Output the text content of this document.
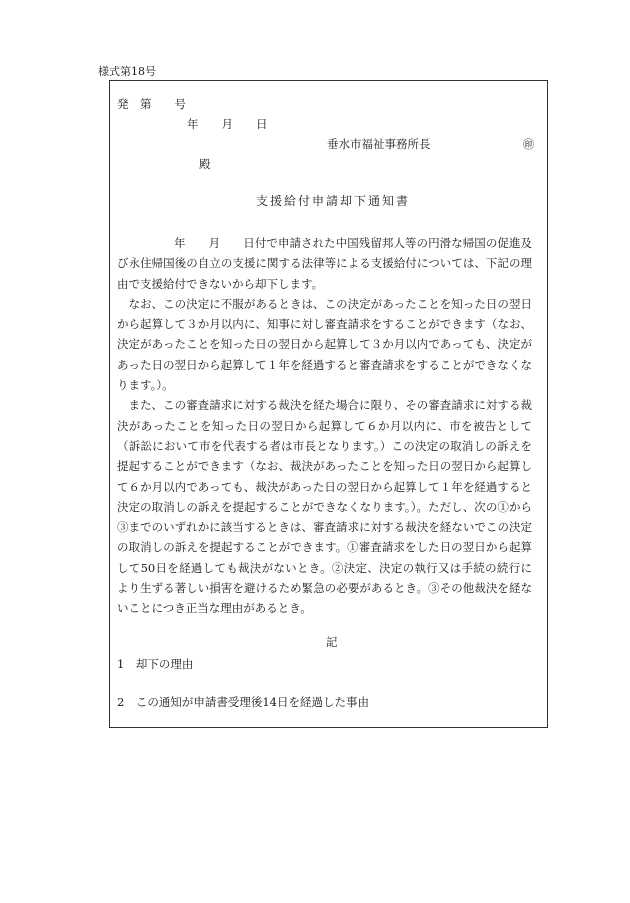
様式第18号
発　第　　号
年　　月　　日
垂水市福祉事務所長	㊞
殿
支援給付申請却下通知書

年　　月　　日付で申請された中国残留邦人等の円滑な帰国の促進及び永住帰国後の自立の支援に関する法律等による支援給付については、下記の理由で支援給付できないから却下します。

なお、この決定に不服があるときは、この決定があったことを知った日の翌日から起算して３か月以内に、知事に対し審査請求をすることができます（なお、決定があったことを知った日の翌日から起算して３か月以内であっても、決定があった日の翌日から起算して１年を経過すると審査請求をすることができなくなります。）。

また、この審査請求に対する裁決を経た場合に限り、その審査請求に対する裁決があったことを知った日の翌日から起算して６か月以内に、市を被告として（訴訟において市を代表する者は市長となります。）この決定の取消しの訴えを提起することができます（なお、裁決があったことを知った日の翌日から起算して６か月以内であっても、裁決があった日の翌日から起算して１年を経過すると決定の取消しの訴えを提起することができなくなります。）。ただし、次の①から③までのいずれかに該当するときは、審査請求に対する裁決を経ないでこの決定の取消しの訴えを提起することができます。①審査請求をした日の翌日から起算して50日を経過しても裁決がないとき。②決定、決定の執行又は手続の続行により生ずる著しい損害を避けるため緊急の必要があるとき。③その他裁決を経ないことにつき正当な理由があるとき。

記
1　却下の理由
2　この通知が申請書受理後14日を経過した事由
